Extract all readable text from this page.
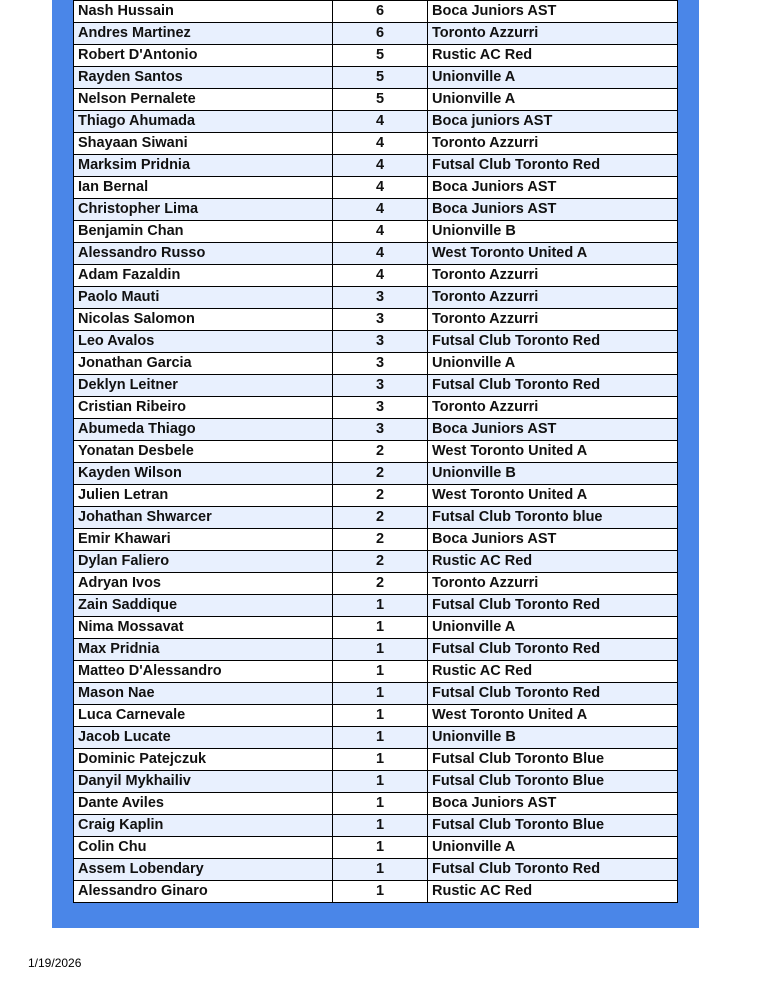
Nash Hussain	6	Boca Juniors AST
Andres Martinez	6	Toronto Azzurri
Robert D'Antonio	5	Rustic AC Red
Rayden Santos	5	Unionville A
Nelson Pernalete	5	Unionville A
Thiago Ahumada	4	Boca juniors AST
Shayaan Siwani	4	Toronto Azzurri
Marksim Pridnia	4	Futsal Club Toronto Red
Ian Bernal	4	Boca Juniors AST
Christopher Lima	4	Boca Juniors AST
Benjamin Chan	4	Unionville B
Alessandro Russo	4	West Toronto United A
Adam Fazaldin	4	Toronto Azzurri
Paolo Mauti	3	Toronto Azzurri
Nicolas Salomon	3	Toronto Azzurri
Leo Avalos	3	Futsal Club Toronto Red
Jonathan Garcia	3	Unionville A
Deklyn Leitner	3	Futsal Club Toronto Red
Cristian Ribeiro	3	Toronto Azzurri
Abumeda Thiago	3	Boca Juniors AST
Yonatan Desbele	2	West Toronto United A
Kayden Wilson	2	Unionville B
Julien Letran	2	West Toronto United A
Johathan Shwarcer	2	Futsal Club Toronto blue
Emir Khawari	2	Boca Juniors AST
Dylan Faliero	2	Rustic AC Red
Adryan Ivos	2	Toronto Azzurri
Zain Saddique	1	Futsal Club Toronto Red
Nima Mossavat	1	Unionville A
Max Pridnia	1	Futsal Club Toronto Red
Matteo D'Alessandro	1	Rustic AC Red
Mason Nae	1	Futsal Club Toronto Red
Luca Carnevale	1	West Toronto United A
Jacob Lucate	1	Unionville B
Dominic Patejczuk	1	Futsal Club Toronto Blue
Danyil Mykhailiv	1	Futsal Club Toronto Blue
Dante Aviles	1	Boca Juniors AST
Craig Kaplin	1	Futsal Club Toronto Blue
Colin Chu	1	Unionville A
Assem Lobendary	1	Futsal Club Toronto Red
Alessandro Ginaro	1	Rustic AC Red
1/19/2026
